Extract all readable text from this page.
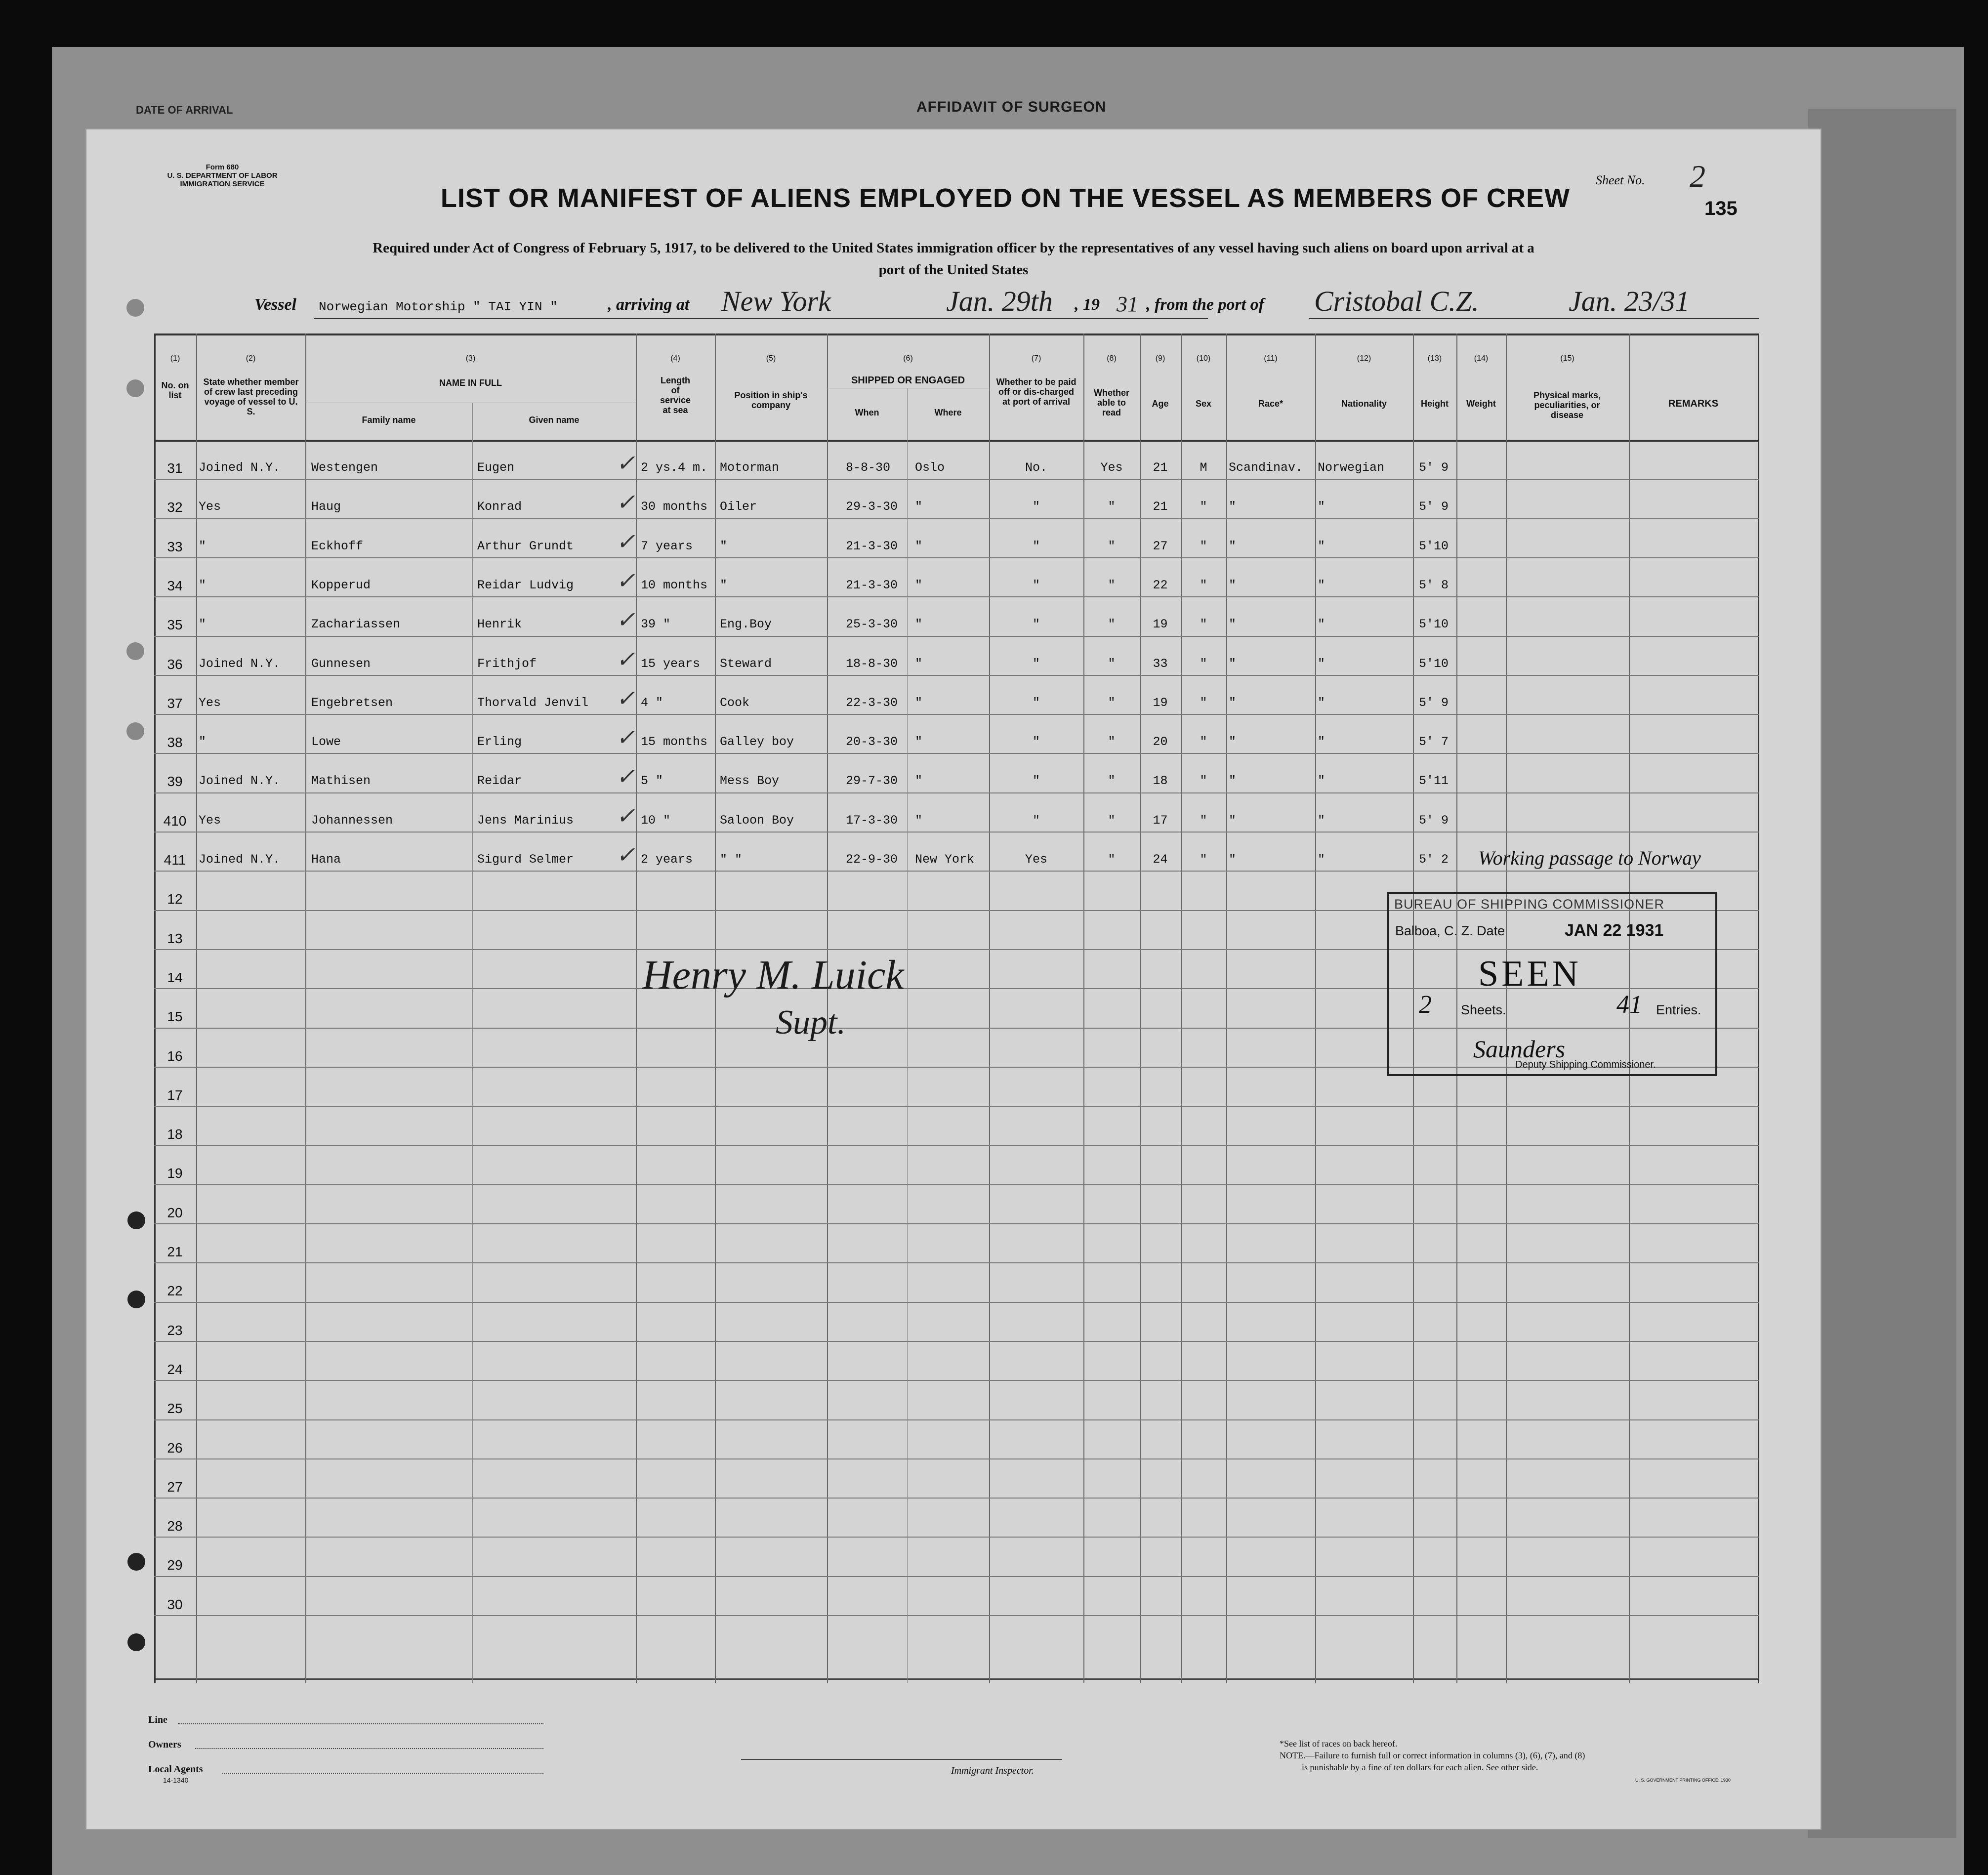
DATE OF ARRIVAL	AFFIDAVIT OF SURGEON
Form 680
U. S. DEPARTMENT OF LABOR
IMMIGRATION SERVICE	Sheet No. 2
135
LIST OR MANIFEST OF ALIENS EMPLOYED ON THE VESSEL AS MEMBERS OF CREW
Required under Act of Congress of February 5, 1917, to be delivered to the United States immigration officer by the representatives of any vessel having such aliens on board upon arrival at a
port of the United States
Vessel Norwegian Motorship " TAI YIN "	, arriving at New York	Jan. 29th , 19 31 , from the port of Cristobal C.Z.	Jan. 23/31
(1)	(2)	(3)	(4)	(5)	(6)	(7)	(8)	(9)	(10)	(11)	(12)	(13)	(14)	(15)
No. on list
State whether member of crew last preceding voyage of vessel to U. S.
NAME IN FULL
Family name	Given name
Length of service at sea
Position in ship's company
SHIPPED OR ENGAGED
When	Where
Whether to be paid off or dis-charged at port of arrival
Whether able to read
Age	Sex	Race*	Nationality	Height	Weight
Physical marks, peculiarities, or disease
REMARKS
31	Joined N.Y.	Westengen	Eugen	2 ys.4 m. Motorman	8-8-30	Oslo	No.	Yes	21	M	Scandinav.	Norwegian	5' 9
✓
32	Yes	Haug	Konrad	30 months Oiler	29-3-30	"	"	"	21	"	"	"	5' 9
✓
33	"	Eckhoff	Arthur Grundt	7 years	"	21-3-30	"	"	"	27	"	"	"	5'10
✓
34	"	Kopperud	Reidar Ludvig	10 months "	21-3-30	"	"	"	22	"	"	"	5' 8
✓
35	"	Zachariassen	Henrik	39 "	Eng.Boy	25-3-30	"	"	"	19	"	"	"	5'10
✓
36	Joined N.Y.	Gunnesen	Frithjof	15 years	Steward	18-8-30	"	"	"	33	"	"	"	5'10
✓
37	Yes	Engebretsen	Thorvald Jenvil	4 "	Cook	22-3-30	"	"	"	19	"	"	"	5' 9
✓
38	"	Lowe	Erling	15 months Galley boy	20-3-30	"	"	"	20	"	"	"	5' 7
✓
39	Joined N.Y.	Mathisen	Reidar	5 "	Mess Boy	29-7-30	"	"	"	18	"	"	"	5'11
✓
410 Yes	Johannessen	Jens Marinius	10 "	Saloon Boy	17-3-30	"	"	"	17	"	"	"	5' 9
✓
411	Joined N.Y.	Hana	Sigurd Selmer	2 years	" "	22-9-30	New York	Yes	"	24	"	"	"	5' 2	Working passage to Norway
✓
12
13
14
15
16
17
18
19
20
21
22
23
24
25
26
27
28
29
30
Henry M. Luick
Supt.
BUREAU OF SHIPPING COMMISSIONER
Balboa, C. Z. Date	JAN 22 1931
SEEN
2 Sheets.	41 Entries.
Saunders
Deputy Shipping Commissioner.
Line
Owners
Local Agents
14-1340
Immigrant Inspector.
*See list of races on back hereof.
NOTE.—Failure to furnish full or correct information in columns (3), (6), (7), and (8)
is punishable by a fine of ten dollars for each alien. See other side.
U. S. GOVERNMENT PRINTING OFFICE: 1930
